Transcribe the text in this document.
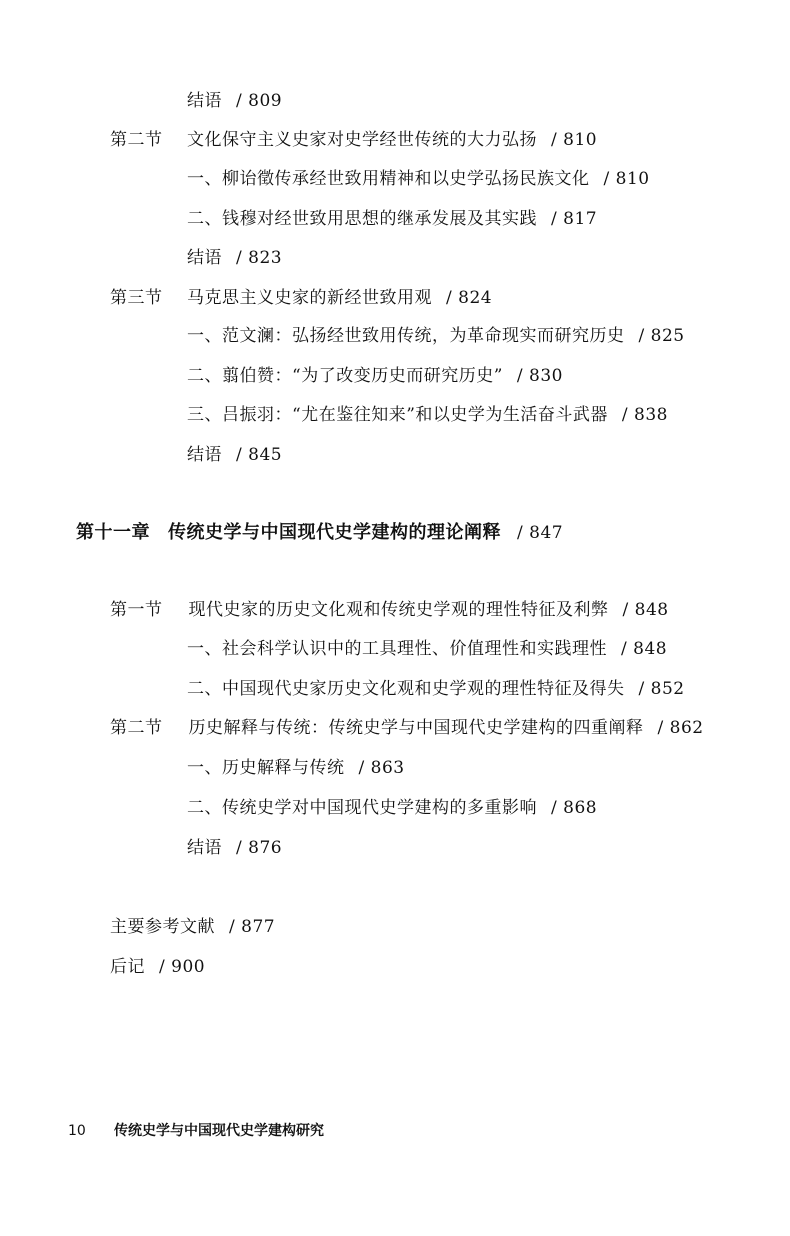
结语 / 809
第二节 文化保守主义史家对史学经世传统的大力弘扬 / 810
一、柳诒徵传承经世致用精神和以史学弘扬民族文化 / 810
二、钱穆对经世致用思想的继承发展及其实践 / 817
结语 / 823
第三节 马克思主义史家的新经世致用观 / 824
一、范文澜：弘扬经世致用传统，为革命现实而研究历史 / 825
二、翦伯赞：“为了改变历史而研究历史” / 830
三、吕振羽：“尤在鉴往知来”和以史学为生活奋斗武器 / 838
结语 / 845
第十一章 传统史学与中国现代史学建构的理论阐释 / 847
第一节 现代史家的历史文化观和传统史学观的理性特征及利弊 / 848
一、社会科学认识中的工具理性、价值理性和实践理性 / 848
二、中国现代史家历史文化观和史学观的理性特征及得失 / 852
第二节 历史解释与传统：传统史学与中国现代史学建构的四重阐释 / 862
一、历史解释与传统 / 863
二、传统史学对中国现代史学建构的多重影响 / 868
结语 / 876
主要参考文献 / 877
后记 / 900
10 传统史学与中国现代史学建构研究
